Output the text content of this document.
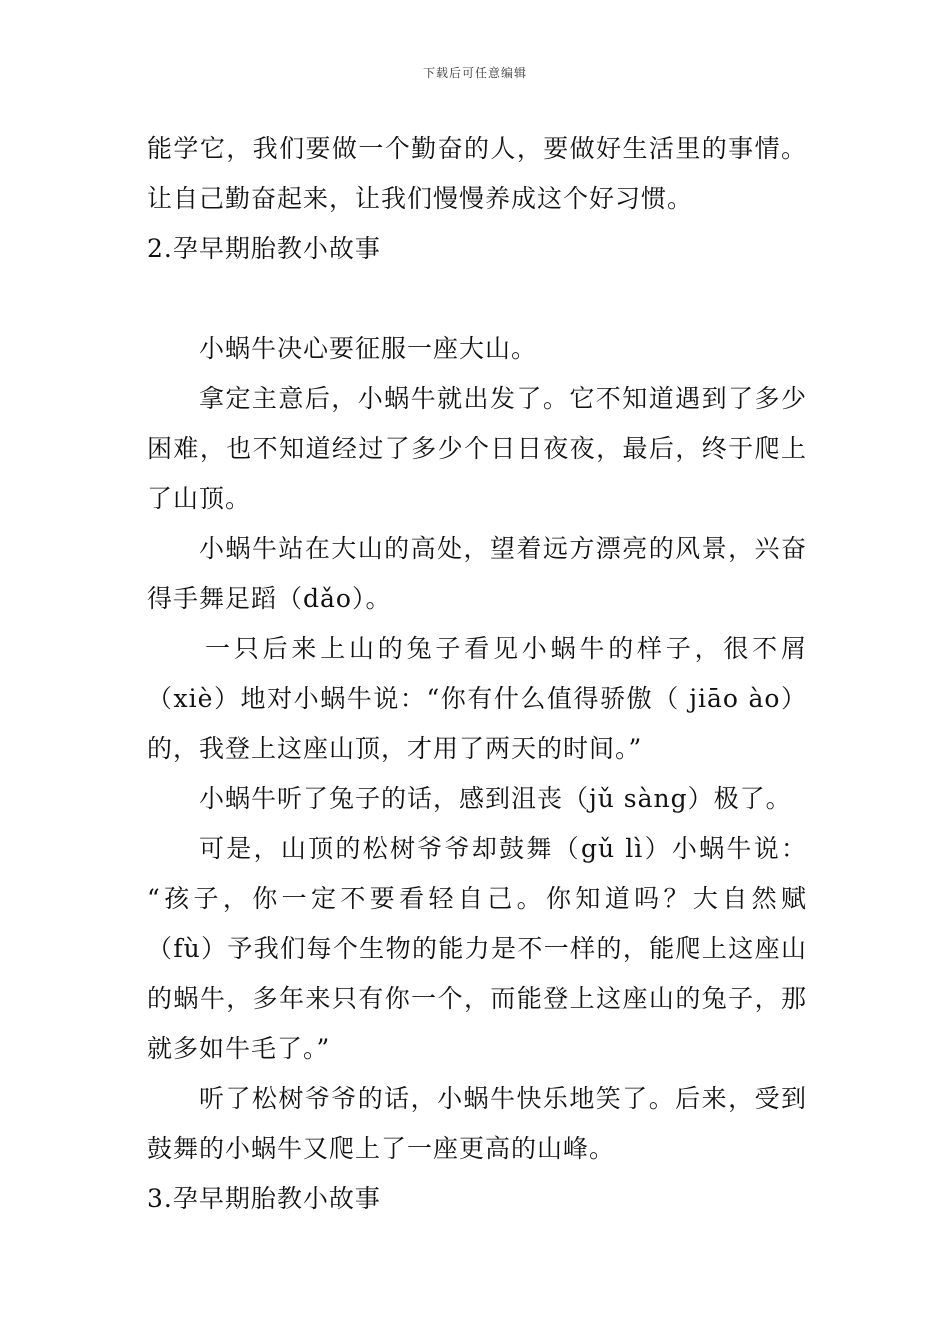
下载后可任意编辑
能学它，我们要做一个勤奋的人，要做好生活里的事情。
让自己勤奋起来，让我们慢慢养成这个好习惯。
2.孕早期胎教小故事
小蜗牛决心要征服一座大山。
拿定主意后，小蜗牛就出发了。它不知道遇到了多少
困难，也不知道经过了多少个日日夜夜，最后，终于爬上
了山顶。
小蜗牛站在大山的高处，望着远方漂亮的风景，兴奋
得手舞足蹈（dǎo）。
一只后来上山的兔子看见小蜗牛的样子，很不屑
（xiè）地对小蜗牛说：“你有什么值得骄傲（ jiāo ào）
的，我登上这座山顶，才用了两天的时间。”
小蜗牛听了兔子的话，感到沮丧（jǔ sàng）极了。
可是，山顶的松树爷爷却鼓舞（gǔ lì）小蜗牛说：
“孩子，你一定不要看轻自己。你知道吗？大自然赋
（fù）予我们每个生物的能力是不一样的，能爬上这座山
的蜗牛，多年来只有你一个，而能登上这座山的兔子，那
就多如牛毛了。”
听了松树爷爷的话，小蜗牛快乐地笑了。后来，受到
鼓舞的小蜗牛又爬上了一座更高的山峰。
3.孕早期胎教小故事
